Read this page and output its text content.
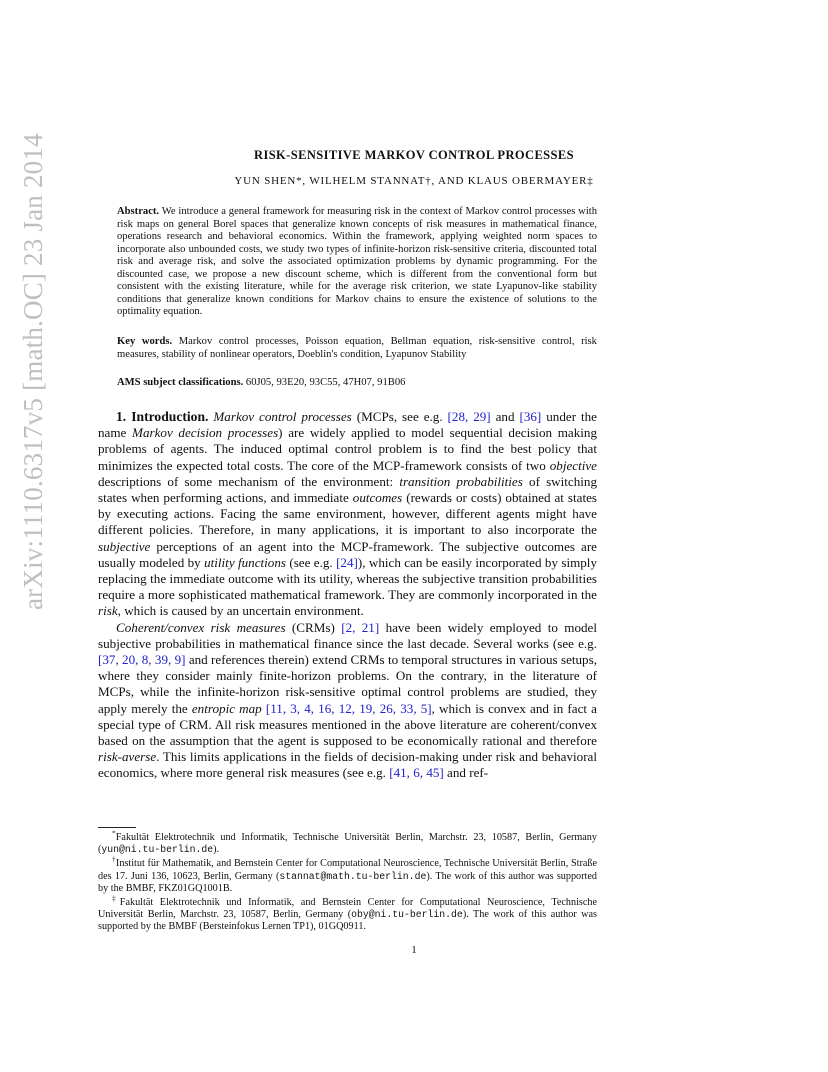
arXiv:1110.6317v5 [math.OC] 23 Jan 2014	RISK-SENSITIVE MARKOV CONTROL PROCESSES
YUN SHEN*, WILHELM STANNAT†, AND KLAUS OBERMAYER‡
Abstract. We introduce a general framework for measuring risk in the context of Markov control processes with risk maps on general Borel spaces that generalize known concepts of risk measures in mathematical finance, operations research and behavioral economics. Within the framework, applying weighted norm spaces to incorporate also unbounded costs, we study two types of infinite-horizon risk-sensitive criteria, discounted total risk and average risk, and solve the associated optimization problems by dynamic programming. For the discounted case, we propose a new discount scheme, which is different from the conventional form but consistent with the existing literature, while for the average risk criterion, we state Lyapunov-like stability conditions that generalize known conditions for Markov chains to ensure the existence of solutions to the optimality equation.
Key words. Markov control processes, Poisson equation, Bellman equation, risk-sensitive control, risk measures, stability of nonlinear operators, Doeblin's condition, Lyapunov Stability
AMS subject classifications. 60J05, 93E20, 93C55, 47H07, 91B06

1. Introduction. Markov control processes (MCPs, see e.g. [28, 29] and [36] under the name Markov decision processes) are widely applied to model sequential decision making problems of agents. The induced optimal control problem is to find the best policy that minimizes the expected total costs. The core of the MCP-framework consists of two objective descriptions of some mechanism of the environment: transition probabilities of switching states when performing actions, and immediate outcomes (rewards or costs) obtained at states by executing actions. Facing the same environment, however, different agents might have different policies. Therefore, in many applications, it is important to also incorporate the subjective perceptions of an agent into the MCP-framework. The subjective outcomes are usually modeled by utility functions (see e.g. [24]), which can be easily incorporated by simply replacing the immediate outcome with its utility, whereas the subjective transition probabilities require a more sophisticated mathematical framework. They are commonly incorporated in the risk, which is caused by an uncertain environment.

Coherent/convex risk measures (CRMs) [2, 21] have been widely employed to model subjective probabilities in mathematical finance since the last decade. Several works (see e.g. [37, 20, 8, 39, 9] and references therein) extend CRMs to temporal structures in various setups, where they consider mainly finite-horizon problems. On the contrary, in the literature of MCPs, while the infinite-horizon risk-sensitive optimal control problems are studied, they apply merely the entropic map [11, 3, 4, 16, 12, 19, 26, 33, 5], which is convex and in fact a special type of CRM. All risk measures mentioned in the above literature are coherent/convex based on the assumption that the agent is supposed to be economically rational and therefore risk-averse. This limits applications in the fields of decision-making under risk and behavioral economics, where more general risk measures (see e.g. [41, 6, 45] and ref-

*Fakultät Elektrotechnik und Informatik, Technische Universität Berlin, Marchstr. 23, 10587, Berlin, Germany (yun@ni.tu-berlin.de).

†Institut für Mathematik, and Bernstein Center for Computational Neuroscience, Technische Universität Berlin, Straße des 17. Juni 136, 10623, Berlin, Germany (stannat@math.tu-berlin.de). The work of this author was supported by the BMBF, FKZ01GQ1001B.

‡Fakultät Elektrotechnik und Informatik, and Bernstein Center for Computational Neuroscience, Technische Universität Berlin, Marchstr. 23, 10587, Berlin, Germany (oby@ni.tu-berlin.de). The work of this author was supported by the BMBF (Bersteinfokus Lernen TP1), 01GQ0911.

1
